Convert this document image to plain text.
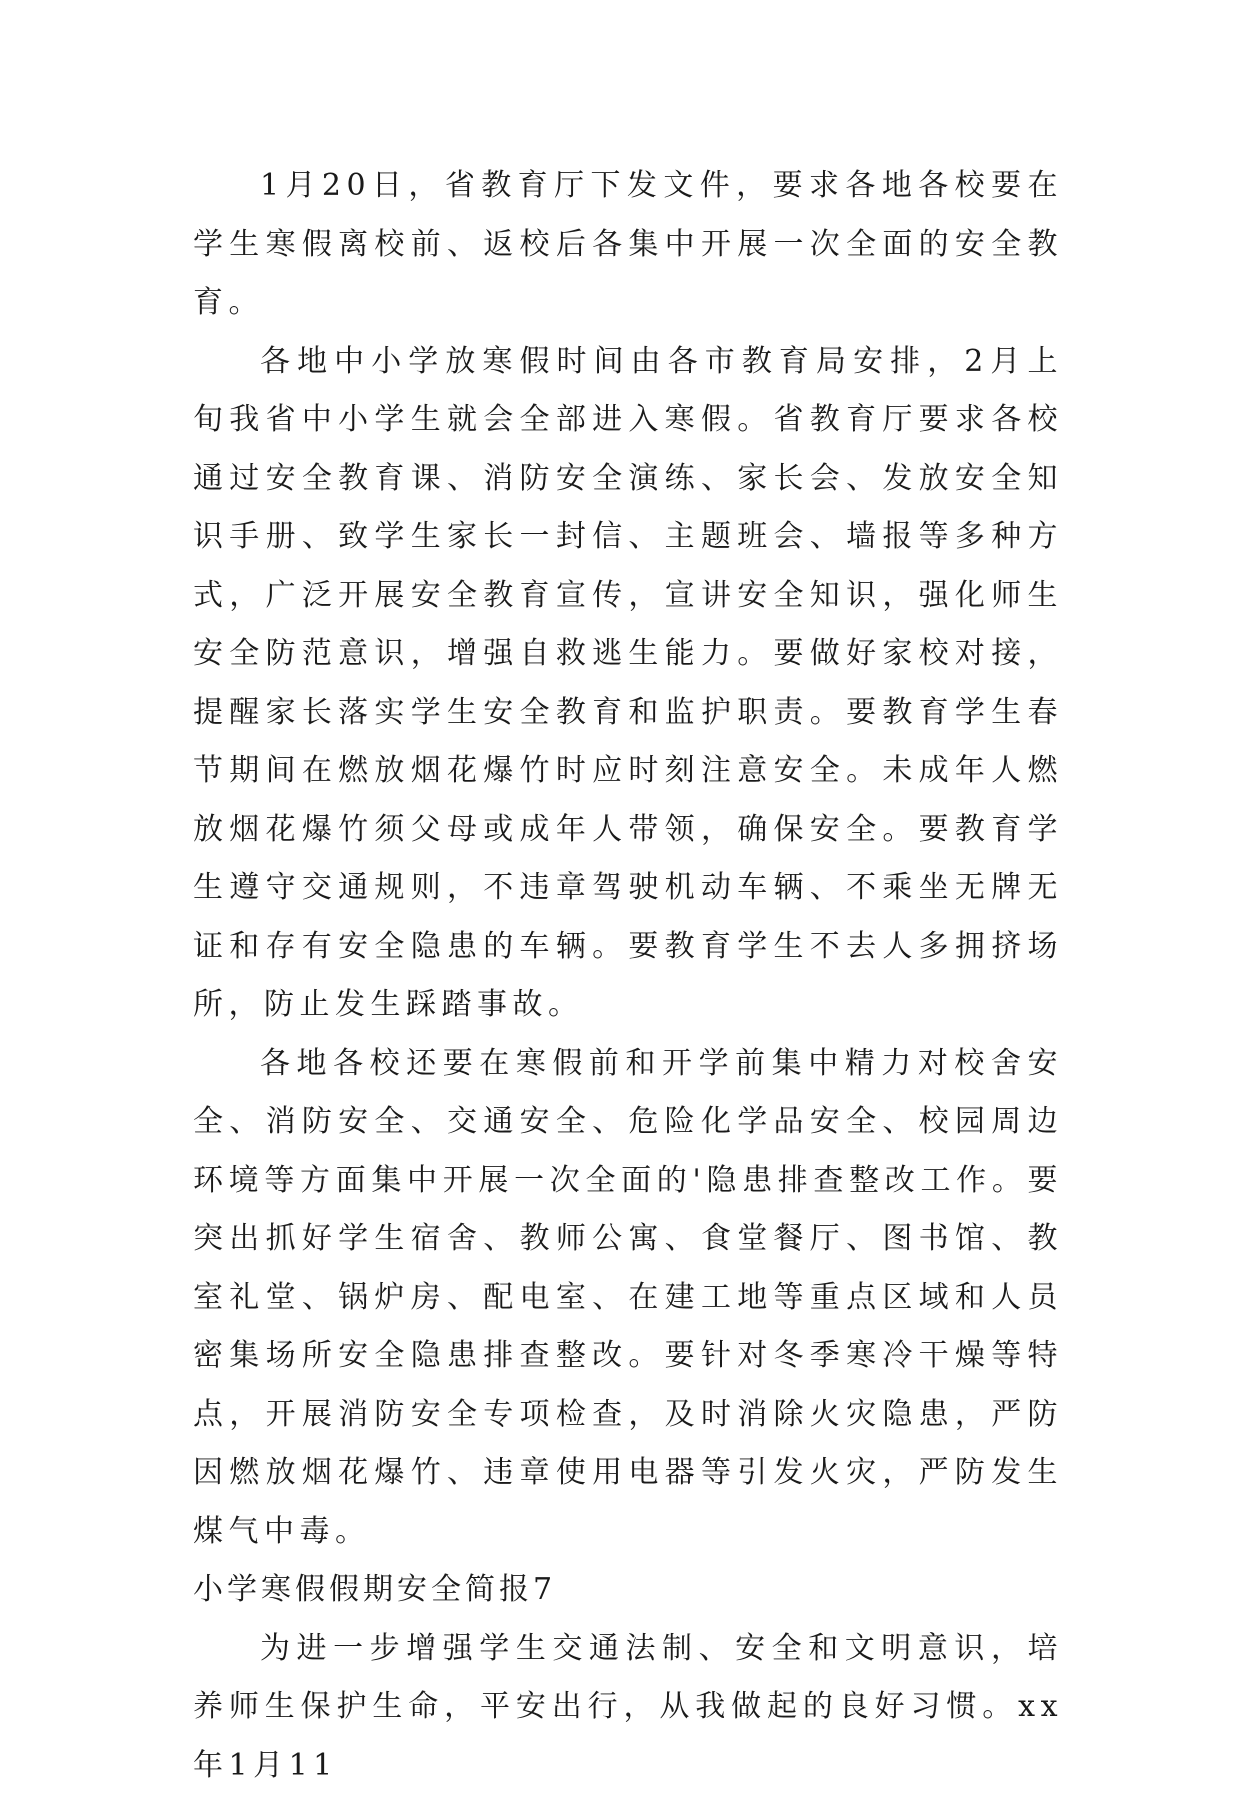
1月20日，省教育厅下发文件，要求各地各校要在学生寒假离校前、返校后各集中开展一次全面的安全教育。

各地中小学放寒假时间由各市教育局安排，2月上旬我省中小学生就会全部进入寒假。省教育厅要求各校通过安全教育课、消防安全演练、家长会、发放安全知识手册、致学生家长一封信、主题班会、墙报等多种方式，广泛开展安全教育宣传，宣讲安全知识，强化师生安全防范意识，增强自救逃生能力。要做好家校对接，提醒家长落实学生安全教育和监护职责。要教育学生春节期间在燃放烟花爆竹时应时刻注意安全。未成年人燃放烟花爆竹须父母或成年人带领，确保安全。要教育学生遵守交通规则，不违章驾驶机动车辆、不乘坐无牌无证和存有安全隐患的车辆。要教育学生不去人多拥挤场所，防止发生踩踏事故。

各地各校还要在寒假前和开学前集中精力对校舍安全、消防安全、交通安全、危险化学品安全、校园周边环境等方面集中开展一次全面的'隐患排查整改工作。要突出抓好学生宿舍、教师公寓、食堂餐厅、图书馆、教室礼堂、锅炉房、配电室、在建工地等重点区域和人员密集场所安全隐患排查整改。要针对冬季寒冷干燥等特点，开展消防安全专项检查，及时消除火灾隐患，严防因燃放烟花爆竹、违章使用电器等引发火灾，严防发生煤气中毒。

小学寒假假期安全简报7

为进一步增强学生交通法制、安全和文明意识，培养师生保护生命，平安出行，从我做起的良好习惯。xx年1月11
